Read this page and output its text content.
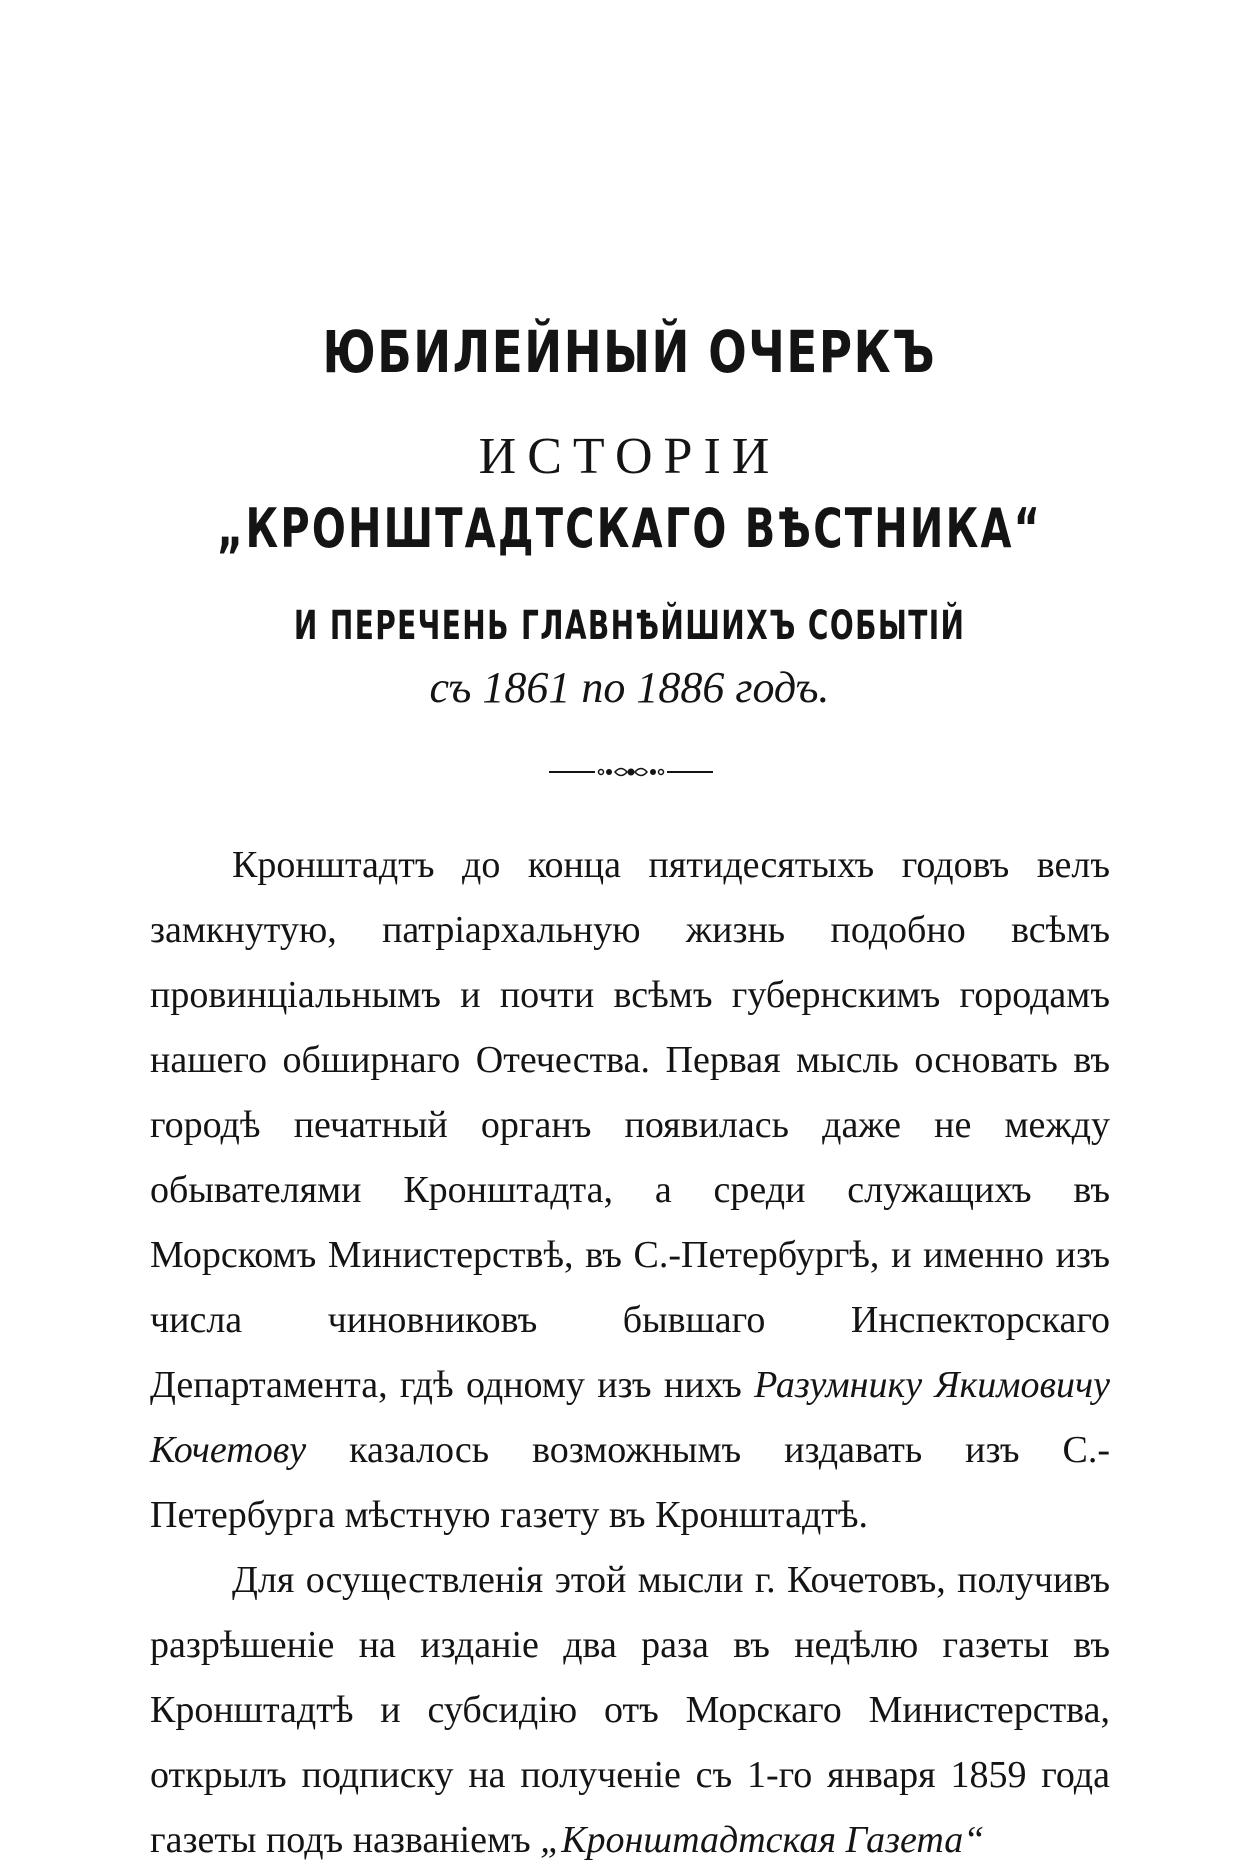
ЮБИЛЕЙНЫЙ ОЧЕРКЪ
ИСТОРІИ
„КРОНШТАДТСКАГО ВѢСТНИКА“
И ПЕРЕЧЕНЬ ГЛАВНѢЙШИХЪ СОБЫТІЙ
съ 1861 по 1886 годъ.

Кронштадтъ до конца пятидесятыхъ годовъ велъ замкнутую, патріархальную жизнь подобно всѣмъ провинціальнымъ и почти всѣмъ губернскимъ городамъ нашего обширнаго Отечества. Первая мысль основать въ городѣ печатный органъ появилась даже не между обывателями Кронштадта, а среди служащихъ въ Морскомъ Министерствѣ, въ С.-Петербургѣ, и именно изъ числа чиновниковъ бывшаго Инспекторскаго Департамента, гдѣ одному изъ нихъ Разумнику Якимовичу Кочетову казалось возможнымъ издавать изъ С.-Петербурга мѣстную газету въ Кронштадтѣ.

Для осуществленія этой мысли г. Кочетовъ, получивъ разрѣшеніе на изданіе два раза въ недѣлю газеты въ Кронштадтѣ и субсидію отъ Морскаго Министерства, открылъ подписку на полученіе съ 1-го января 1859 года газеты подъ названіемъ „Кронштадтская Газета“
